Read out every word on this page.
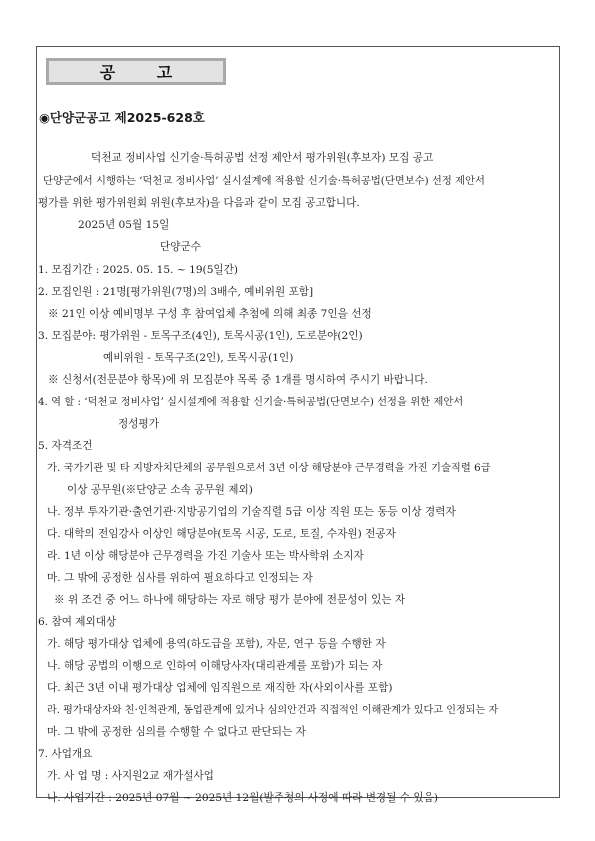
공 고
◉단양군공고 제2025-628호
덕천교 정비사업 신기술·특허공법 선정 제안서 평가위원(후보자) 모집 공고
단양군에서 시행하는 ‘덕천교 정비사업’ 실시설계에 적용할 신기술·특허공법(단면보수) 선정 제안서
평가를 위한 평가위원회 위원(후보자)을 다음과 같이 모집 공고합니다.
2025년 05월 15일
단양군수
1. 모집기간 : 2025. 05. 15. ~ 19(5일간)
2. 모집인원 : 21명[평가위원(7명)의 3배수, 예비위원 포함]
※ 21인 이상 예비명부 구성 후 참여업체 추첨에 의해 최종 7인을 선정
3. 모집분야: 평가위원 - 토목구조(4인), 토목시공(1인), 도로분야(2인)
예비위원 - 토목구조(2인), 토목시공(1인)
※ 신청서(전문분야 항목)에 위 모집분야 목록 중 1개를 명시하여 주시기 바랍니다.
4. 역 할 : ‘덕천교 정비사업’ 실시설계에 적용할 신기술·특허공법(단면보수) 선정을 위한 제안서
정성평가
5. 자격조건
가. 국가기관 및 타 지방자치단체의 공무원으로서 3년 이상 해당분야 근무경력을 가진 기술직렬 6급
이상 공무원(※단양군 소속 공무원 제외)
나. 정부 투자기관·출연기관·지방공기업의 기술직렬 5급 이상 직원 또는 동등 이상 경력자
다. 대학의 전임강사 이상인 해당분야(토목 시공, 도로, 토질, 수자원) 전공자
라. 1년 이상 해당분야 근무경력을 가진 기술사 또는 박사학위 소지자
마. 그 밖에 공정한 심사를 위하여 필요하다고 인정되는 자
※ 위 조건 중 어느 하나에 해당하는 자로 해당 평가 분야에 전문성이 있는 자
6. 참여 제외대상
가. 해당 평가대상 업체에 용역(하도급을 포함), 자문, 연구 등을 수행한 자
나. 해당 공법의 이행으로 인하여 이해당사자(대리관계를 포함)가 되는 자
다. 최근 3년 이내 평가대상 업체에 임직원으로 재직한 자(사외이사를 포함)
라. 평가대상자와 친·인척관계, 동업관계에 있거나 심의안건과 직접적인 이해관계가 있다고 인정되는 자
마. 그 밖에 공정한 심의를 수행할 수 없다고 판단되는 자
7. 사업개요
가. 사 업 명 : 사지원2교 재가설사업
나. 사업기간 : 2025년 07월 ~ 2025년 12월(발주청의 사정에 따라 변경될 수 있음)
